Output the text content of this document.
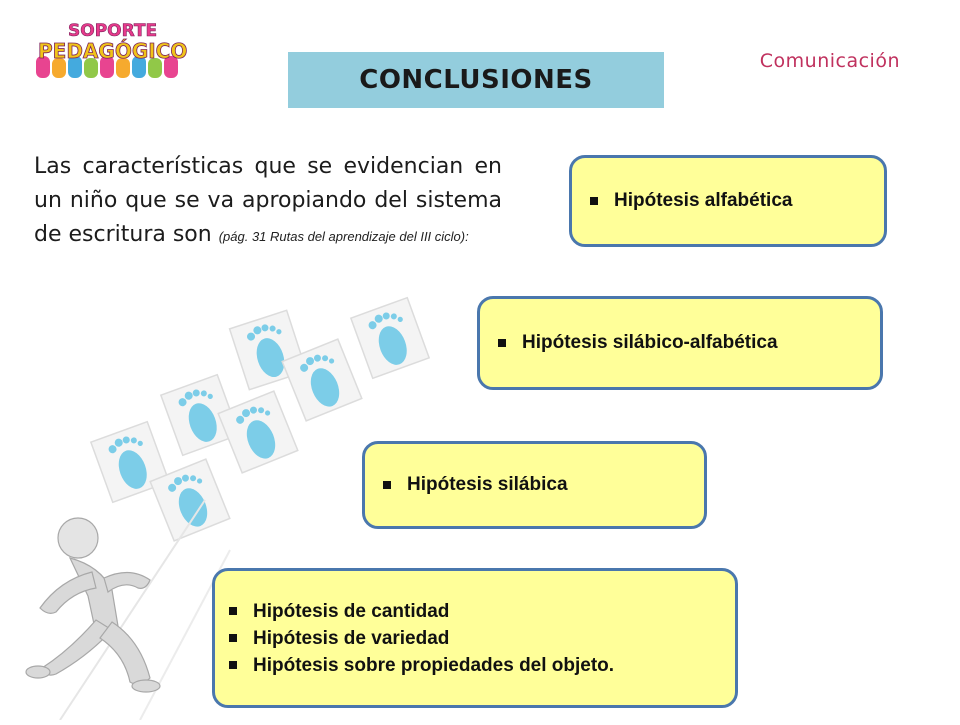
SOPORTE
PEDAGÓGICO	Comunicación
CONCLUSIONES
Las características que se evidencian en un niño que se va apropiando del sistema de escritura son (pág. 31 Rutas del aprendizaje del III ciclo):
Hipótesis alfabética
Hipótesis silábico-alfabética
Hipótesis silábica
Hipótesis de cantidad
Hipótesis de variedad
Hipótesis sobre propiedades del objeto.
